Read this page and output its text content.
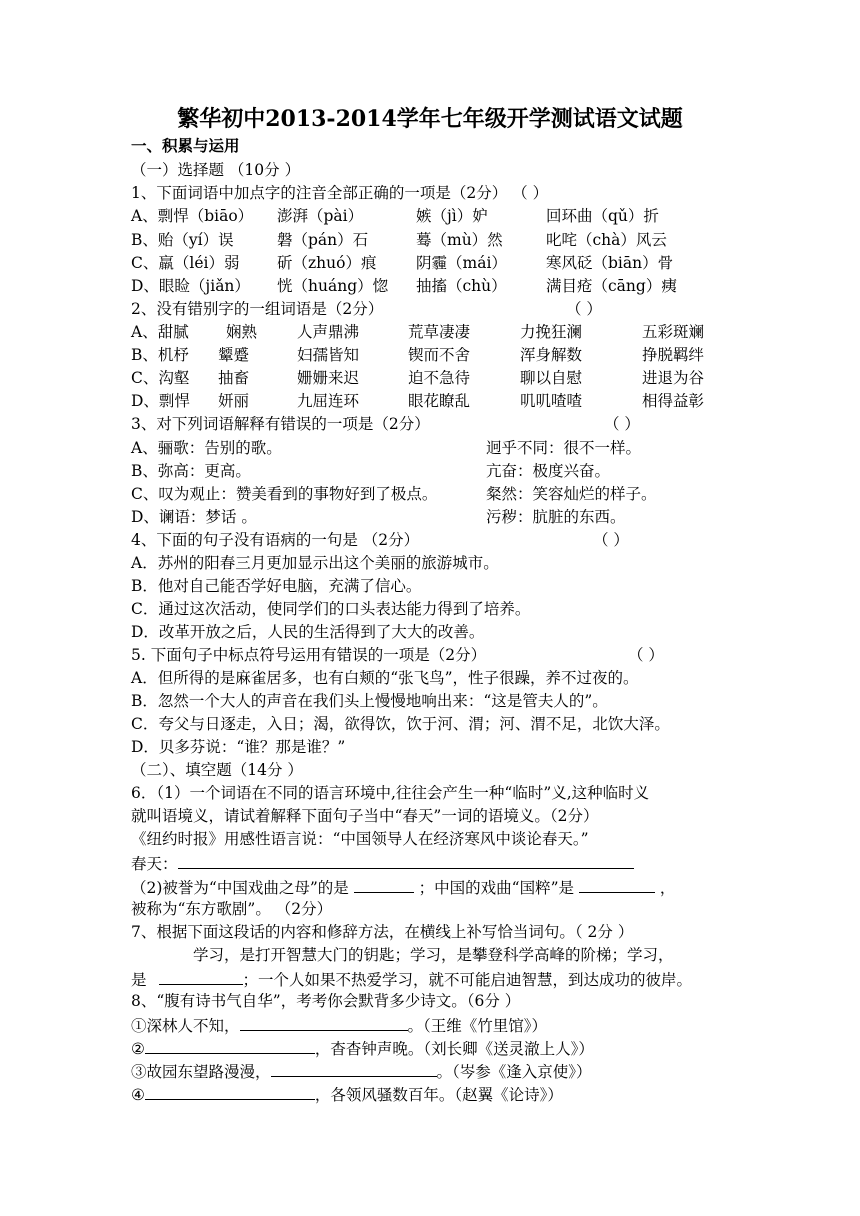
繁华初中2013-2014学年七年级开学测试语文试题
一、积累与运用
（一）选择题 （10分 ）
1、下面词语中加点字的注音全部正确的一项是（2分） （ ）
A、剽悍（biāo） 澎湃（pài）	嫉（jì）妒	回环曲（qǔ）折
B、贻（yí）误	磐（pán）石	蓦（mù）然	叱咤（chà）风云
C、羸（léi）弱 斫（zhuó）痕	阴霾（mái）	寒风砭（biān）骨
D、眼睑（jiǎn） 恍（huáng）惚 抽搐（chù）	满目疮（cāng）痍
2、没有错别字的一组词语是（2分）	（ ）
A、甜腻 娴熟	人声鼎沸	荒草凄凄	力挽狂澜	五彩斑斓
B、机杼 颦蹙	妇孺皆知	锲而不舍	浑身解数	挣脱羁绊
C、沟壑 抽畜	姗姗来迟	迫不急待	聊以自慰	进退为谷
D、剽悍 妍丽	九屈连环	眼花瞭乱	叽叽喳喳	相得益彰
3、对下列词语解释有错误的一项是（2分）	（ ）
A、骊歌：告别的歌。	迥乎不同：很不一样。
B、弥高：更高。	亢奋：极度兴奋。
C、叹为观止：赞美看到的事物好到了极点。	粲然：笑容灿烂的样子。
D、谰语：梦话 。	污秽：肮脏的东西。
4、下面的句子没有语病的一句是 （2分）	（ ）
A．苏州的阳春三月更加显示出这个美丽的旅游城市。
B．他对自己能否学好电脑，充满了信心。
C．通过这次活动，使同学们的口头表达能力得到了培养。
D．改革开放之后，人民的生活得到了大大的改善。
5. 下面句子中标点符号运用有错误的一项是（2分）	（ ）
A．但所得的是麻雀居多，也有白颊的“张飞鸟”，性子很躁，养不过夜的。
B．忽然一个大人的声音在我们头上慢慢地响出来：“这是管夫人的”。
C．夸父与日逐走，入日；渴，欲得饮，饮于河、渭；河、渭不足，北饮大泽。
D．贝多芬说：“谁？那是谁？”
（二）、填空题（14分 ）
6．（1）一个词语在不同的语言环境中,往往会产生一种“临时”义,这种临时义
就叫语境义，请试着解释下面句子当中“春天”一词的语境义。（2分）
《纽约时报》用感性语言说：“中国领导人在经济寒风中谈论春天。”
春天：
（2)被誉为“中国戏曲之母”的是	；中国的戏曲“国粹”是	，
被称为“东方歌剧”。 （2分）
7、根据下面这段话的内容和修辞方法，在横线上补写恰当词句。（ 2分 ）
学习，是打开智慧大门的钥匙；学习，是攀登科学高峰的阶梯；学习，
是	；一个人如果不热爱学习，就不可能启迪智慧，到达成功的彼岸。
8、“腹有诗书气自华”，考考你会默背多少诗文。（6分 ）
①深林人不知，	。（王维《竹里馆》）
②	，杳杳钟声晚。（刘长卿《送灵澈上人》）
③故园东望路漫漫，	。（岑参《逢入京使》）
④	，各领风骚数百年。（赵翼《论诗》）
